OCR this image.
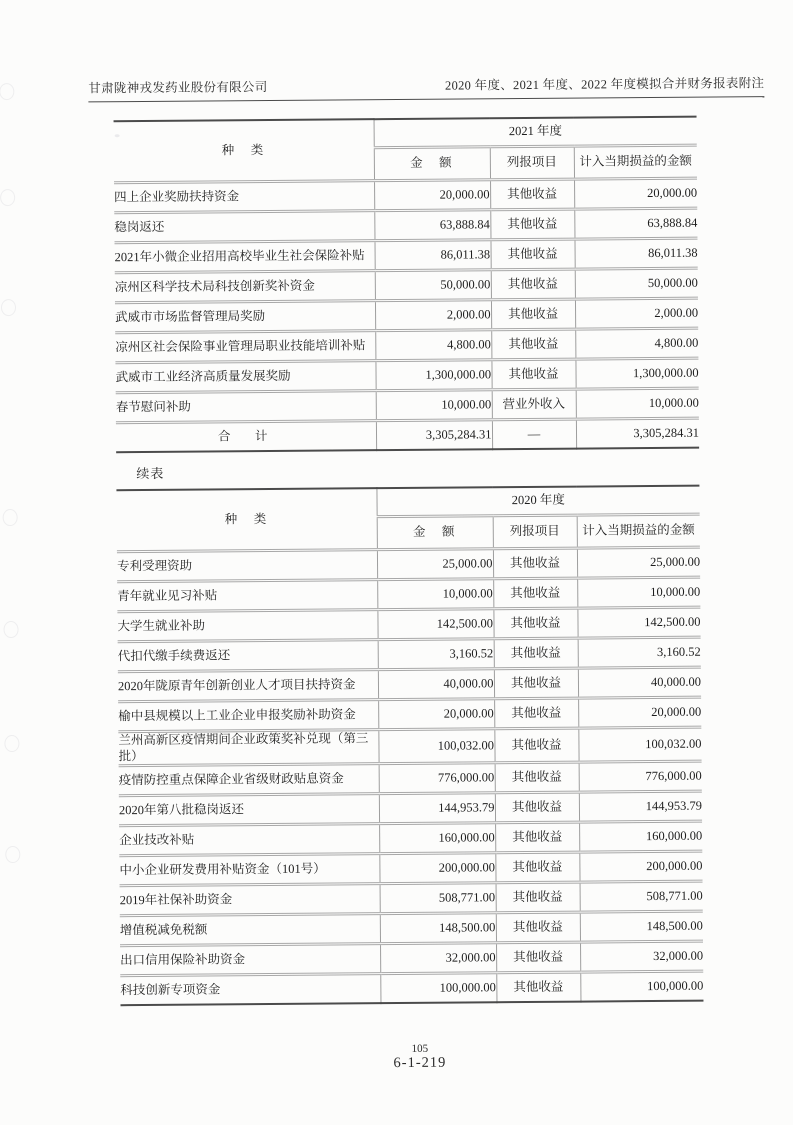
甘肃陇神戎发药业股份有限公司	2020 年度、2021 年度、2022 年度模拟合并财务报表附注
种　类	2021 年度		
	金　额	列报项目	计入当期损益的金额
四上企业奖励扶持资金	20,000.00	其他收益	20,000.00
稳岗返还	63,888.84	其他收益	63,888.84
2021年小微企业招用高校毕业生社会保险补贴	86,011.38	其他收益	86,011.38
凉州区科学技术局科技创新奖补资金	50,000.00	其他收益	50,000.00
武威市市场监督管理局奖励	2,000.00	其他收益	2,000.00
凉州区社会保险事业管理局职业技能培训补贴	4,800.00	其他收益	4,800.00
武威市工业经济高质量发展奖励	1,300,000.00	其他收益	1,300,000.00
春节慰问补助	10,000.00	营业外收入	10,000.00
合　计	3,305,284.31	—	3,305,284.31
续表
种　类	2020 年度		
	金　额	列报项目	计入当期损益的金额
专利受理资助	25,000.00	其他收益	25,000.00
青年就业见习补贴	10,000.00	其他收益	10,000.00
大学生就业补助	142,500.00	其他收益	142,500.00
代扣代缴手续费返还	3,160.52	其他收益	3,160.52
2020年陇原青年创新创业人才项目扶持资金	40,000.00	其他收益	40,000.00
榆中县规模以上工业企业申报奖励补助资金	20,000.00	其他收益	20,000.00
兰州高新区疫情期间企业政策奖补兑现（第三批）	100,032.00	其他收益	100,032.00
疫情防控重点保障企业省级财政贴息资金	776,000.00	其他收益	776,000.00
2020年第八批稳岗返还	144,953.79	其他收益	144,953.79
企业技改补贴	160,000.00	其他收益	160,000.00
中小企业研发费用补贴资金（101号）	200,000.00	其他收益	200,000.00
2019年社保补助资金	508,771.00	其他收益	508,771.00
增值税减免税额	148,500.00	其他收益	148,500.00
出口信用保险补助资金	32,000.00	其他收益	32,000.00
科技创新专项资金	100,000.00	其他收益	100,000.00
105
6-1-219
